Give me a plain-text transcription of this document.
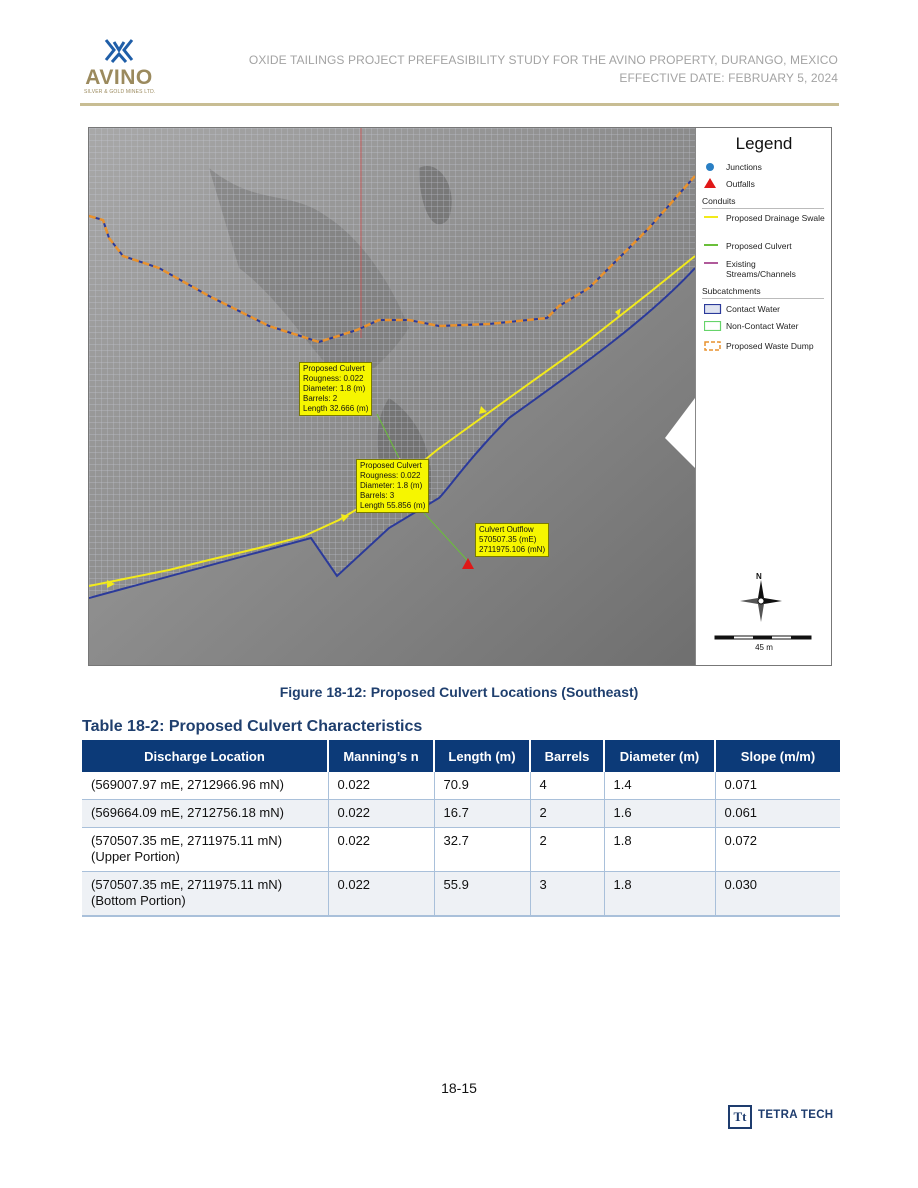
AVINO
SILVER & GOLD MINES LTD.
OXIDE TAILINGS PROJECT PREFEASIBILITY STUDY FOR THE AVINO PROPERTY, DURANGO, MEXICO
EFFECTIVE DATE: FEBRUARY 5, 2024
Proposed Culvert
Rougness: 0.022
Diameter: 1.8 (m)
Barrels: 2
Length 32.666 (m)
Proposed Culvert
Rougness: 0.022
Diameter: 1.8 (m)
Barrels: 3
Length 55.856 (m)
Culvert Outflow
570507.35 (mE)
2711975.106 (mN)
Legend
Junctions
Outfalls
Conduits
Proposed Drainage Swale
Proposed Culvert
Existing Streams/Channels
Subcatchments
Contact Water
Non-Contact Water
Proposed Waste Dump
N
45 m
Figure 18-12: Proposed Culvert Locations (Southeast)
Table 18-2: Proposed Culvert Characteristics
Discharge Location	Manning’s n	Length (m)	Barrels	Diameter (m)	Slope (m/m)

(569007.97 mE, 2712966.96 mN)	0.022	70.9	4	1.4	0.071

(569664.09 mE, 2712756.18 mN)	0.022	16.7	2	1.6	0.061

(570507.35 mE, 2711975.11 mN)
(Upper Portion)	0.022	32.7	2	1.8	0.072

(570507.35 mE, 2711975.11 mN)
(Bottom Portion)	0.022	55.9	3	1.8	0.030
18-15
Tt	TETRA TECH
